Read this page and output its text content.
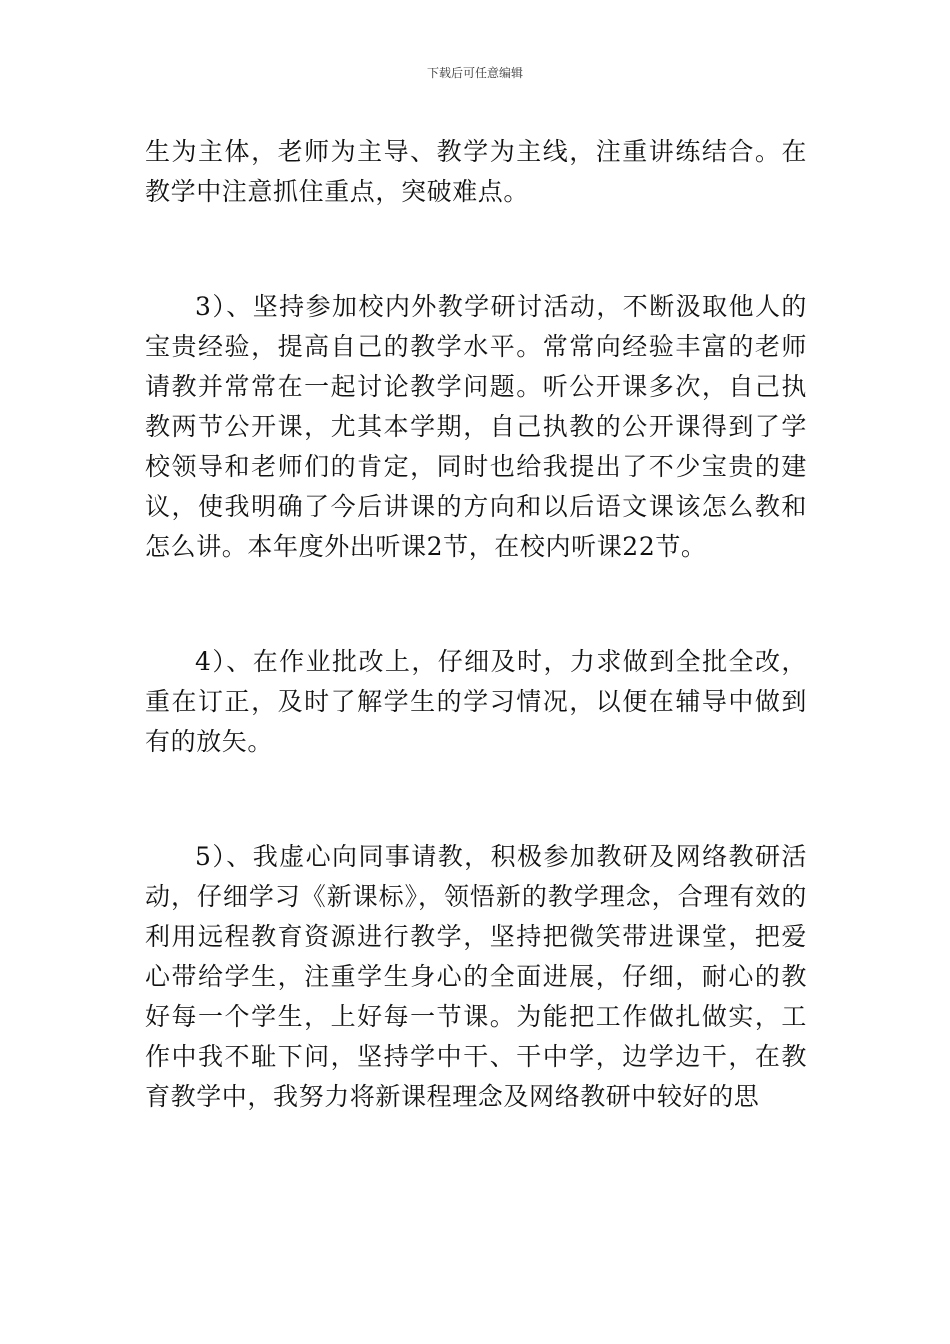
下载后可任意编辑

生为主体，老师为主导、教学为主线，注重讲练结合。在教学中注意抓住重点，突破难点。

3）、坚持参加校内外教学研讨活动，不断汲取他人的宝贵经验，提高自己的教学水平。常常向经验丰富的老师请教并常常在一起讨论教学问题。听公开课多次，自己执教两节公开课，尤其本学期，自己执教的公开课得到了学校领导和老师们的肯定，同时也给我提出了不少宝贵的建议，使我明确了今后讲课的方向和以后语文课该怎么教和怎么讲。本年度外出听课2节，在校内听课22节。

4）、在作业批改上，仔细及时，力求做到全批全改，重在订正，及时了解学生的学习情况，以便在辅导中做到有的放矢。

5）、我虚心向同事请教，积极参加教研及网络教研活动，仔细学习《新课标》，领悟新的教学理念，合理有效的利用远程教育资源进行教学，坚持把微笑带进课堂，把爱心带给学生，注重学生身心的全面进展，仔细，耐心的教好每一个学生，上好每一节课。为能把工作做扎做实，工作中我不耻下问，坚持学中干、干中学，边学边干，在教育教学中，我努力将新课程理念及网络教研中较好的思
